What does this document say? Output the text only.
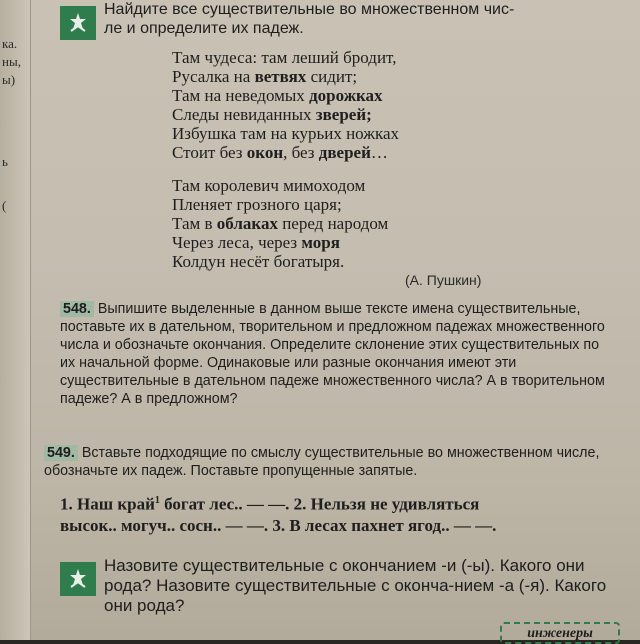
ка.
ны,
ы)
ь
(
Найдите все существительные во множественном чис-
ле и определите их падеж.
Там чудеса: там леший бродит,
Русалка на ветвях сидит;
Там на неведомых дорожках
Следы невиданных зверей;
Избушка там на курьих ножках
Стоит без окон, без дверей…
Там королевич мимоходом
Пленяет грозного царя;
Там в облаках перед народом
Через леса, через моря
Колдун несёт богатыря.
(А. Пушкин)
548. Выпишите выделенные в данном выше тексте имена существительные, поставьте их в дательном, творительном и предложном падежах множественного числа и обозначьте окончания. Определите склонение этих существительных по их начальной форме. Одинаковые или разные окончания имеют эти существительные в дательном падеже множественного числа? А в творительном падеже? А в предложном?
549. Вставьте подходящие по смыслу существительные во множественном числе, обозначьте их падеж. Поставьте пропущенные запятые.
1. Наш край$^1$ богат лес.. — —. 2. Нельзя не удивляться
высок.. могуч.. сосн.. — —. 3. В лесах пахнет ягод.. — —.
Назовите существительные с окончанием -и (-ы). Какого они рода? Назовите существительные с оконча-нием -а (-я). Какого они рода?
инженеры
